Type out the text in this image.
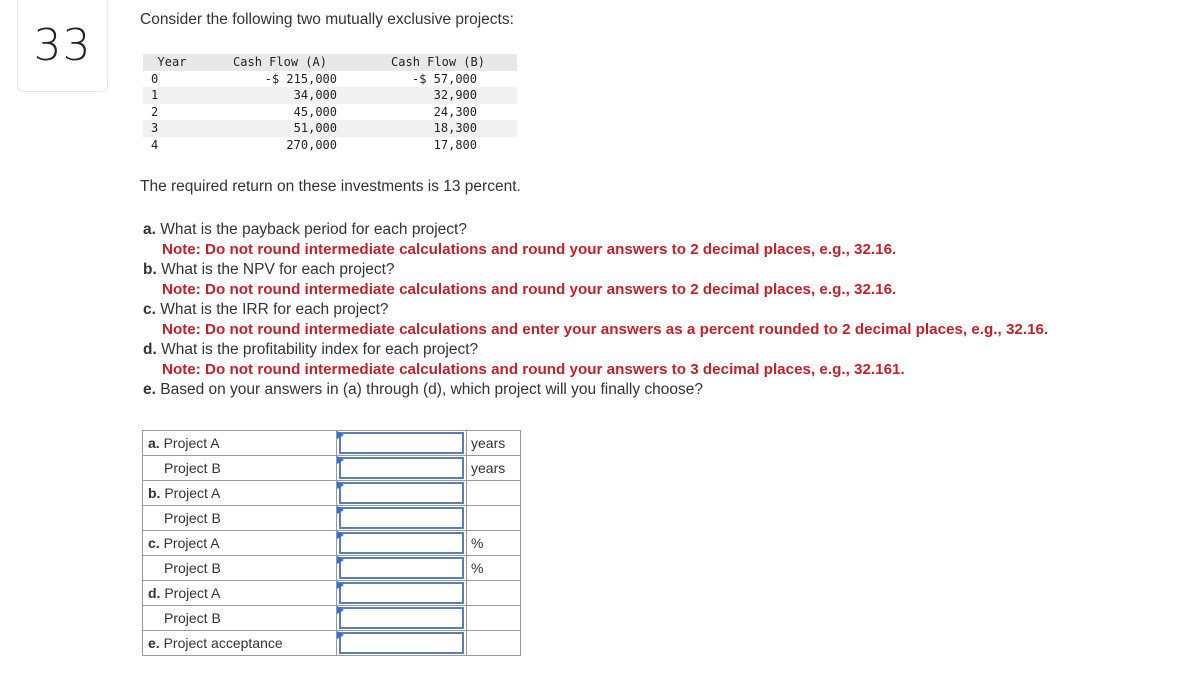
33
Consider the following two mutually exclusive projects:
Year	Cash Flow (A)	Cash Flow (B)
0	-$ 215,000	-$ 57,000
1	34,000	32,900
2	45,000	24,300
3	51,000	18,300
4	270,000	17,800
The required return on these investments is 13 percent.
a. What is the payback period for each project?
Note: Do not round intermediate calculations and round your answers to 2 decimal places, e.g., 32.16.
b. What is the NPV for each project?
Note: Do not round intermediate calculations and round your answers to 2 decimal places, e.g., 32.16.
c. What is the IRR for each project?
Note: Do not round intermediate calculations and enter your answers as a percent rounded to 2 decimal places, e.g., 32.16.
d. What is the profitability index for each project?
Note: Do not round intermediate calculations and round your answers to 3 decimal places, e.g., 32.161.
e. Based on your answers in (a) through (d), which project will you finally choose?
a. Project A		years
Project B		years
b. Project A	

Project B	

c. Project A		%
Project B		%
d. Project A	

Project B	

e. Project acceptance	
